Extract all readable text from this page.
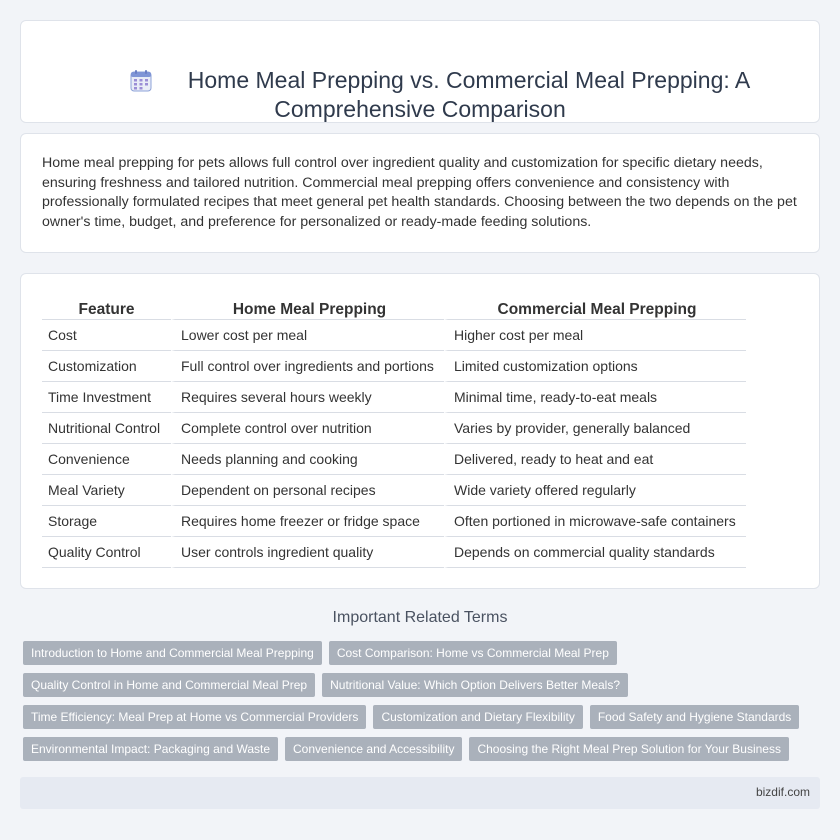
Home Meal Prepping vs. Commercial Meal Prepping: A
Comprehensive Comparison

Home meal prepping for pets allows full control over ingredient quality and customization for specific dietary needs, ensuring freshness and tailored nutrition. Commercial meal prepping offers convenience and consistency with professionally formulated recipes that meet general pet health standards. Choosing between the two depends on the pet owner's time, budget, and preference for personalized or ready-made feeding solutions.

Feature	Home Meal Prepping	Commercial Meal Prepping
Cost	Lower cost per meal	Higher cost per meal
Customization	Full control over ingredients and portions	Limited customization options
Time Investment	Requires several hours weekly	Minimal time, ready-to-eat meals
Nutritional Control	Complete control over nutrition	Varies by provider, generally balanced
Convenience	Needs planning and cooking	Delivered, ready to heat and eat
Meal Variety	Dependent on personal recipes	Wide variety offered regularly
Storage	Requires home freezer or fridge space	Often portioned in microwave-safe containers
Quality Control	User controls ingredient quality	Depends on commercial quality standards
Important Related Terms
Introduction to Home and Commercial Meal Prepping	Cost Comparison: Home vs Commercial Meal Prep
Quality Control in Home and Commercial Meal Prep	Nutritional Value: Which Option Delivers Better Meals?
Time Efficiency: Meal Prep at Home vs Commercial Providers	Customization and Dietary Flexibility	Food Safety and Hygiene Standards
Environmental Impact: Packaging and Waste	Convenience and Accessibility	Choosing the Right Meal Prep Solution for Your Business
bizdif.com
